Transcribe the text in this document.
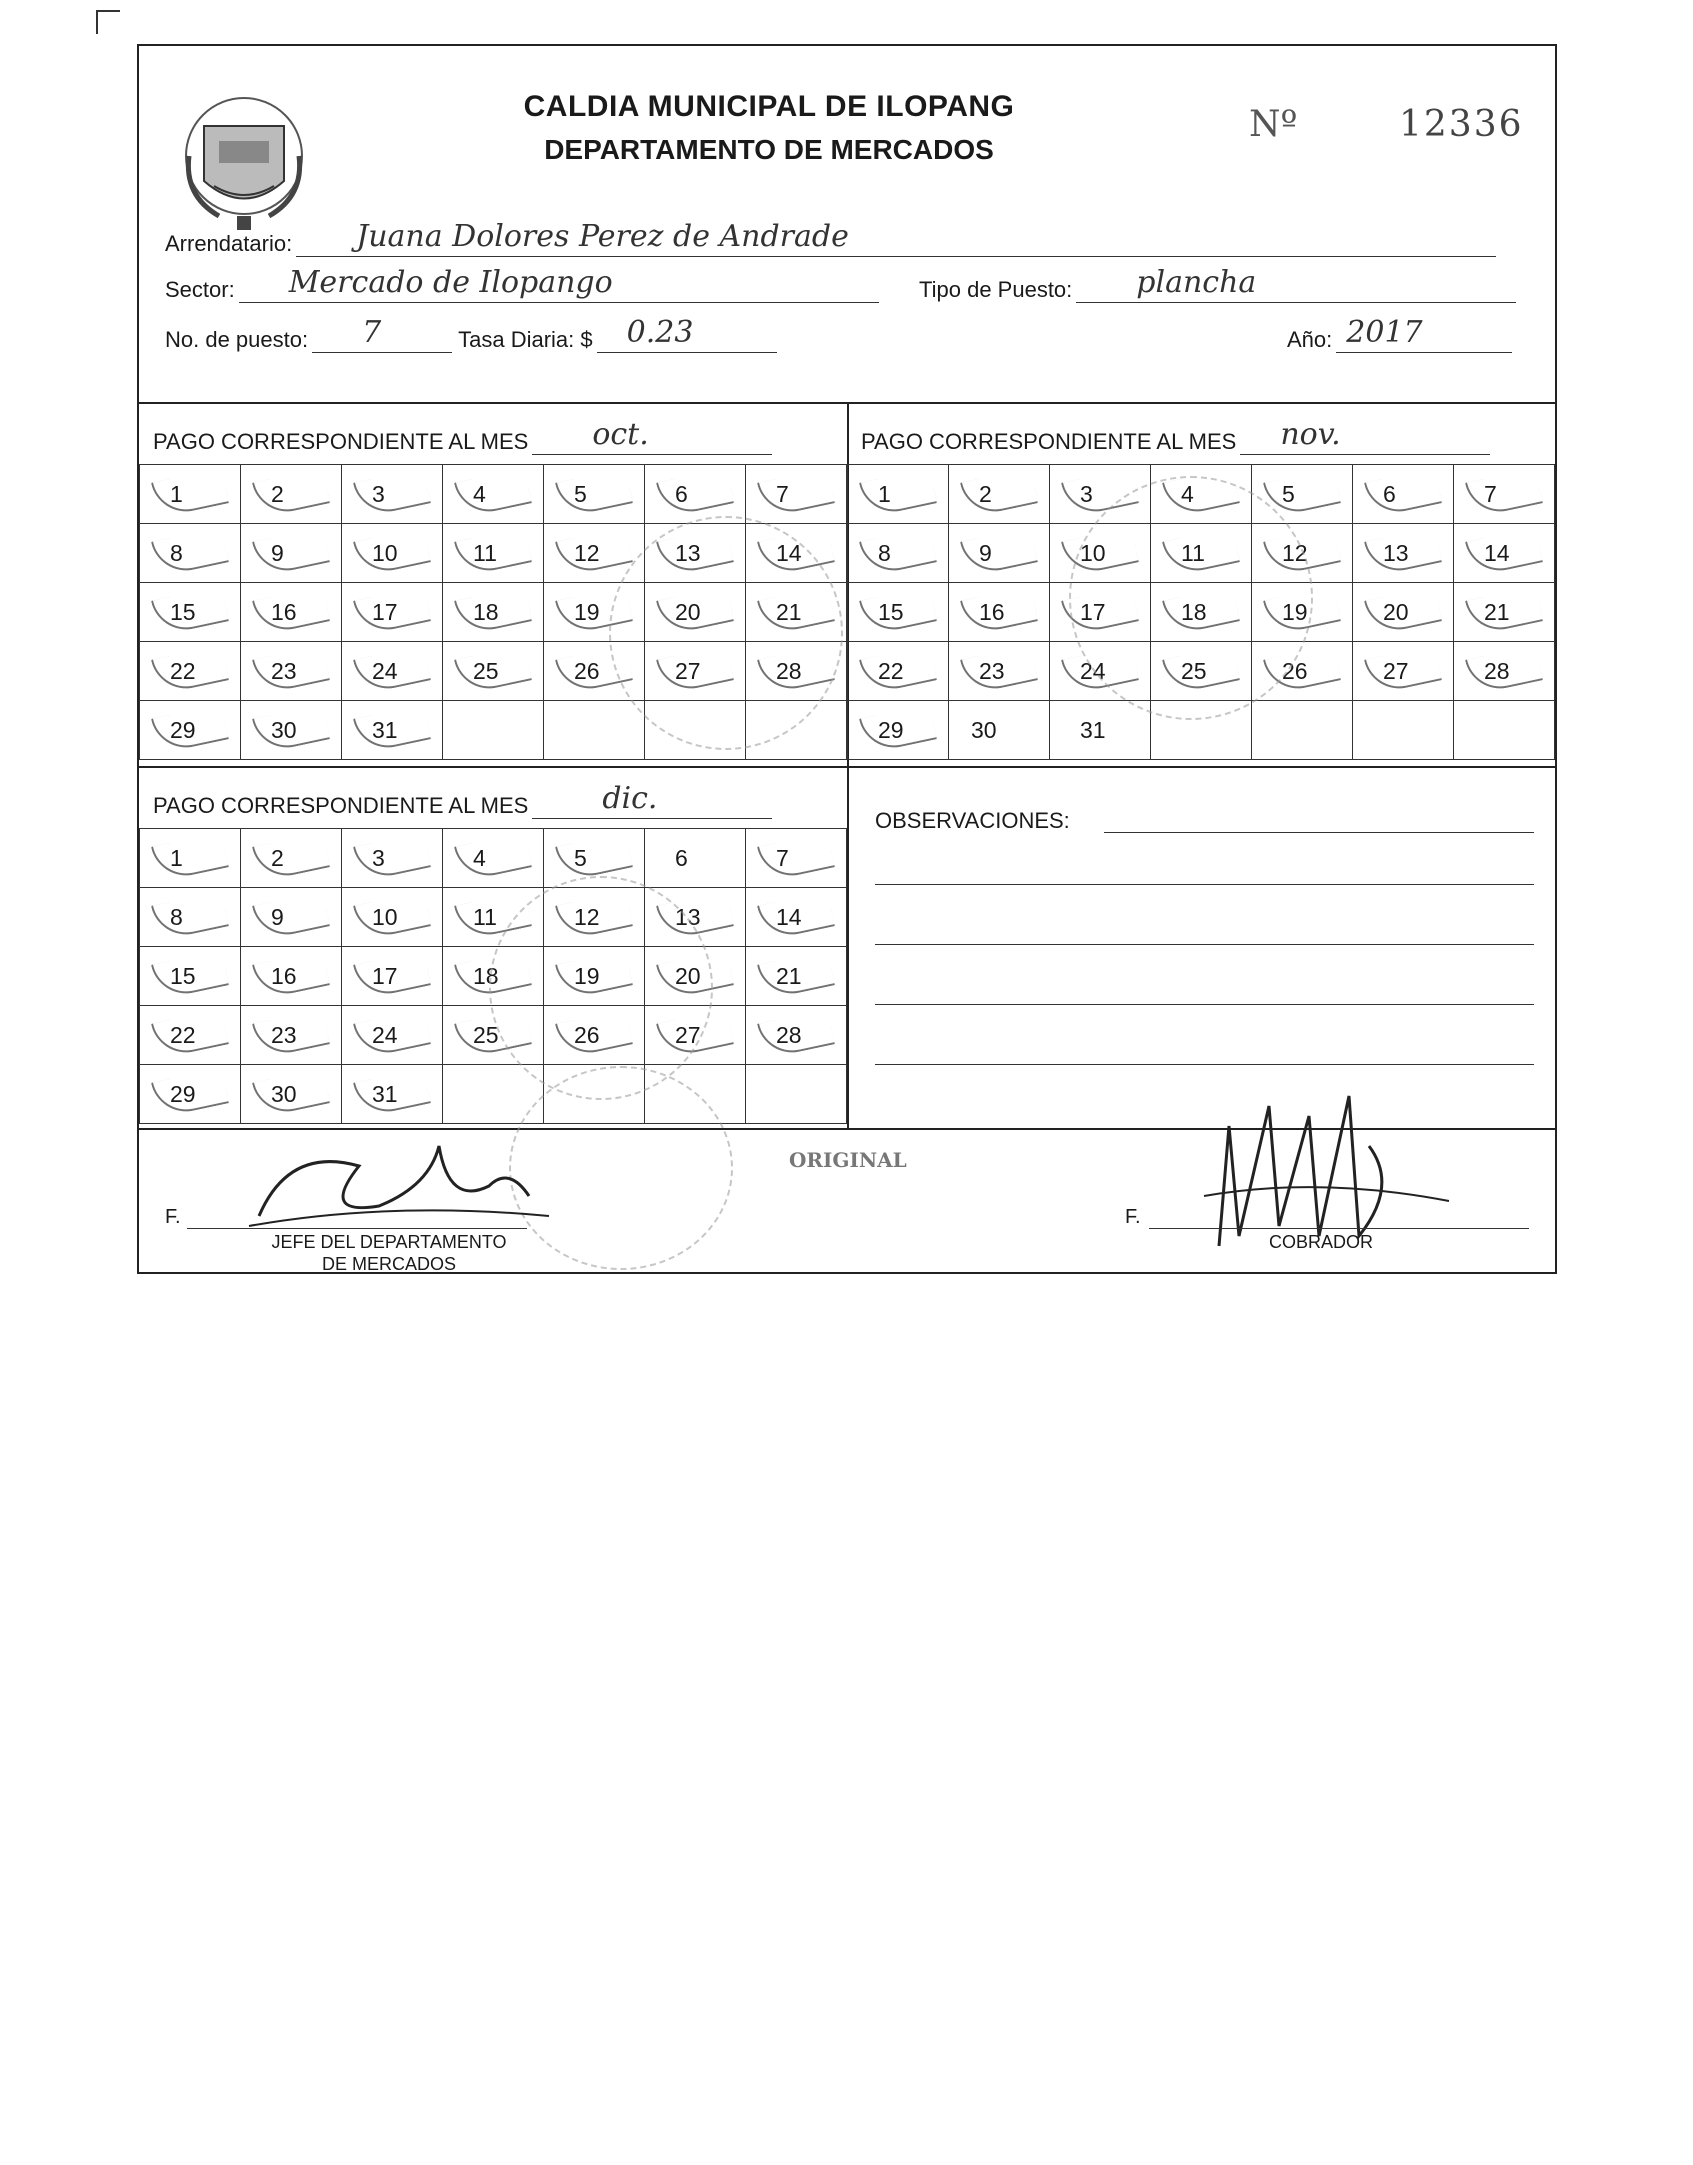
CALDIA MUNICIPAL DE ILOPANG
DEPARTAMENTO DE MERCADOS
Nº	12336
Arrendatario: Juana Dolores Perez de Andrade
Sector: Mercado de Ilopango	Tipo de Puesto: plancha
No. de puesto: 7	Tasa Diaria: $ 0.23	Año: 2017
PAGO CORRESPONDIENTE AL MES oct.
1	2	3	4	5	6	7
8	9	10	11	12	13	14
15	16	17	18	19	20	21
22	23	24	25	26	27	28
29	30	31				
PAGO CORRESPONDIENTE AL MES nov.
1	2	3	4	5	6	7
8	9	10	11	12	13	14
15	16	17	18	19	20	21
22	23	24	25	26	27	28
29	30	31				
PAGO CORRESPONDIENTE AL MES dic.
1	2	3	4	5	6	7
8	9	10	11	12	13	14
15	16	17	18	19	20	21
22	23	24	25	26	27	28
29	30	31				
OBSERVACIONES:
ORIGINAL
F.
JEFE DEL DEPARTAMENTO
DE MERCADOS
F.
COBRADOR
